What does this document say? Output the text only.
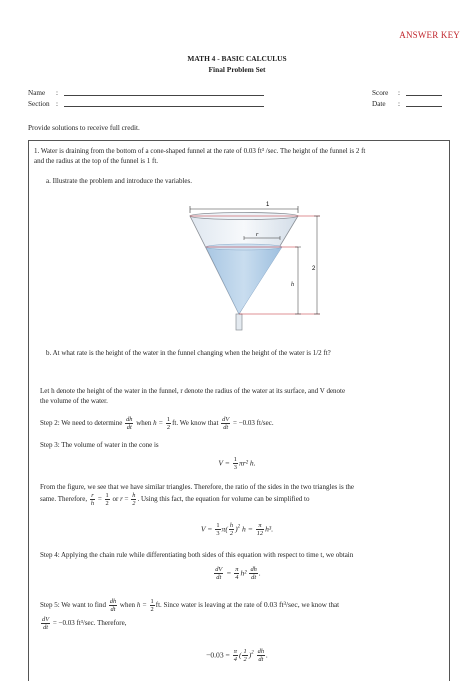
ANSWER KEY
MATH 4 - BASIC CALCULUS
Final Problem Set
Name :
Section :
Score :
Date :
Provide solutions to receive full credit.
1. Water is draining from the bottom of a cone-shaped funnel at the rate of 0.03 ft³ /sec. The height of the funnel is 2 ft
and the radius at the top of the funnel is 1 ft.
a. Illustrate the problem and introduce the variables.
1
r
h
2
b. At what rate is the height of the water in the funnel changing when the height of the water is 1/2 ft?
Let h denote the height of the water in the funnel, r denote the radius of the water at its surface, and V denote
the volume of the water.
Step 2: We need to determine $\frac{dh}{dt}$ when $h = \frac{1}{2}$ ft. We know that $\frac{dV}{dt} = -0.03$ ft/sec.
Step 3: The volume of water in the cone is
$V = \frac{1}{3} \pi r^2$ h.
From the figure, we see that we have similar triangles. Therefore, the ratio of the sides in the two triangles is the
same. Therefore, $\frac{r}{h} = \frac{1}{2}$ or $r = \frac{h}{2}$ . Using this fact, the equation for volume can be simplified to
$V = \frac{1}{3} \pi( \frac{h}{2} )^2$ $h = \frac{\pi}{12} h^3$.
Step 4: Applying the chain rule while differentiating both sides of this equation with respect to time t, we obtain
$\frac{dV}{dt} = \frac{\pi}{4} h^2 \frac{dh}{dt}$ .
Step 5: We want to find $\frac{dh}{dt}$ when $h = \frac{1}{2}$ ft. Since water is leaving at the rate of 0.03 ft³/sec, we know that
$\frac{dV}{dt} = -0.03$ ft³/sec. Therefore,
$-0.03 = \frac{\pi}{4}$ ( $\frac{1}{2} )^2 \frac{dh}{dt}$ .
